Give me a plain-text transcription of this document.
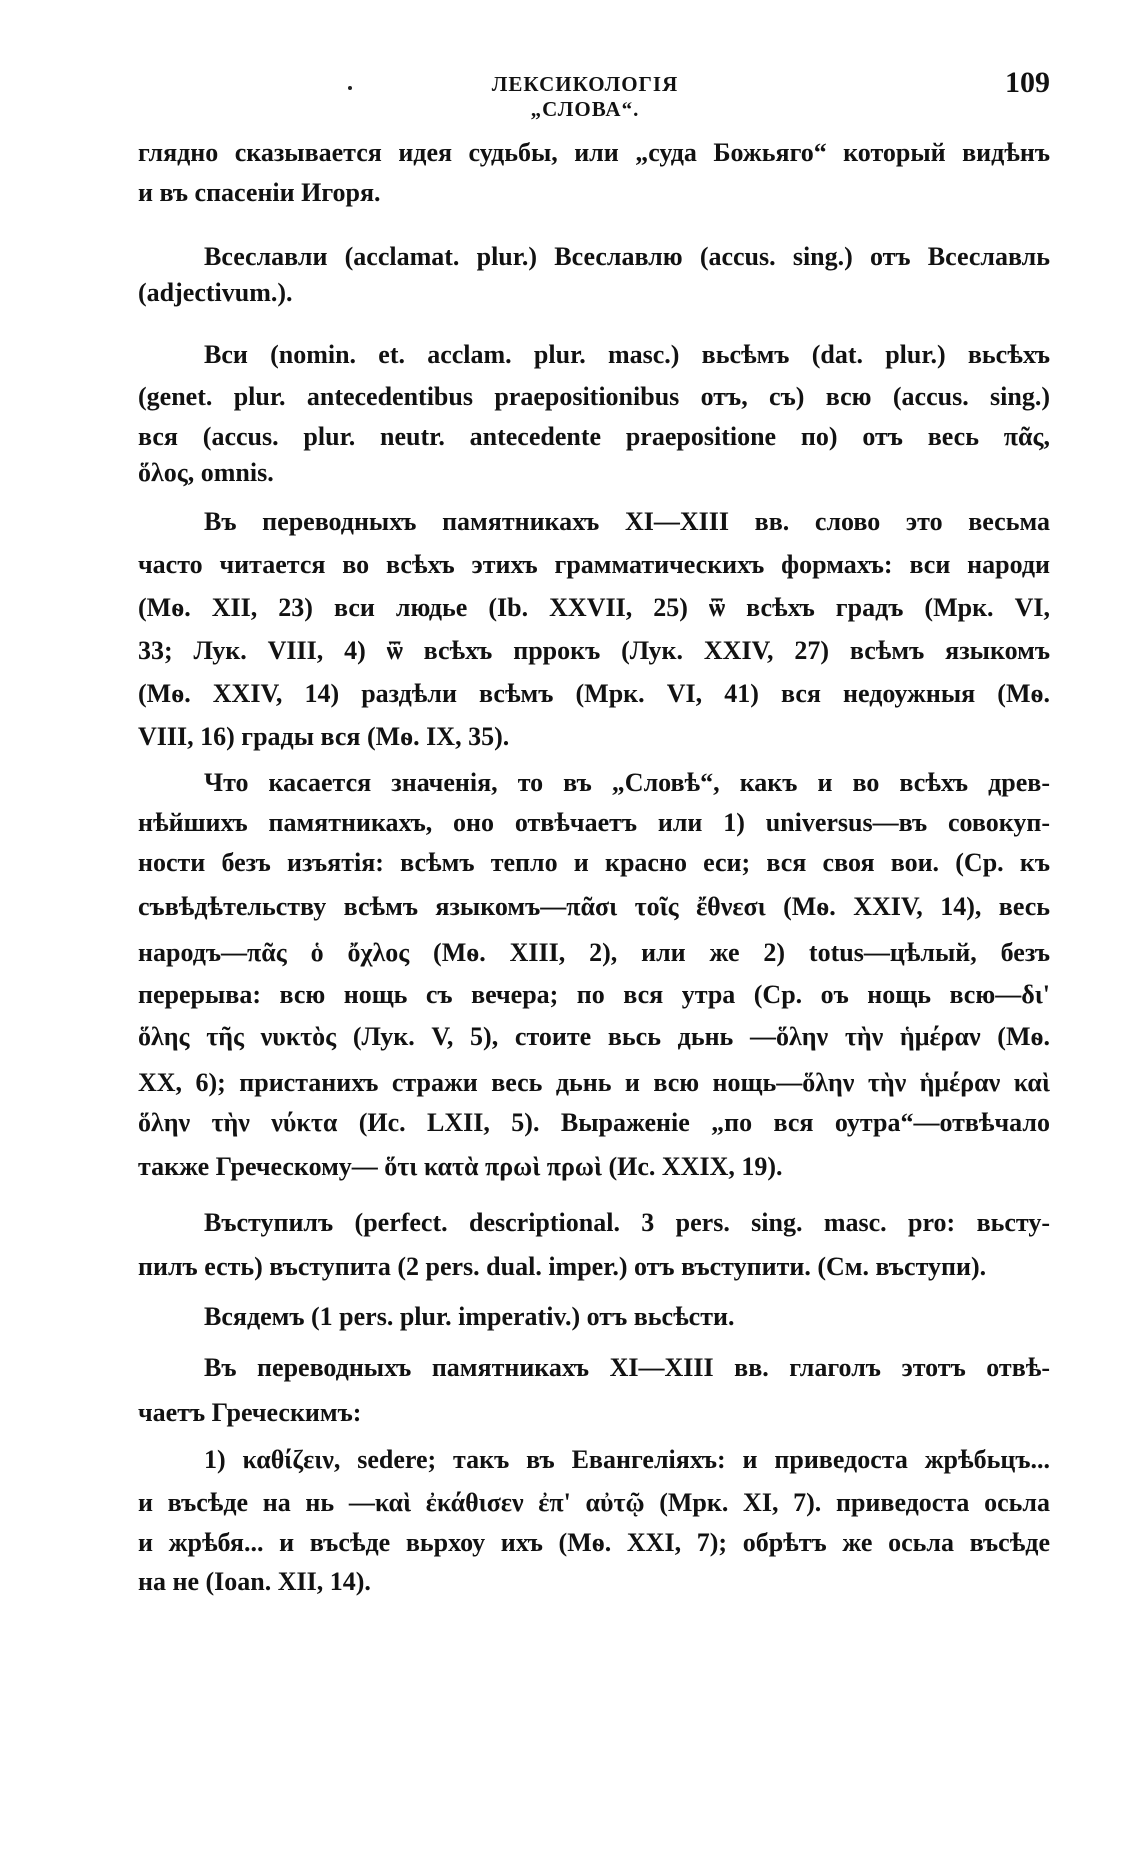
ЛЕКСИКОЛОГІЯ „СЛОВА“.
109
глядно сказывается идея судьбы, или „суда Божьяго“ который видѣнъ
и въ спасеніи Игоря.
Всеславли (acclamat. plur.) Всеславлю (accus. sing.) отъ Всеславль
(adjectivum.).
Вси (nomin. et. acclam. plur. masc.) вьсѣмъ (dat. plur.) вьсѣхъ
(genet. plur. antecedentibus praepositionibus отъ, съ) всю (accus. sing.)
вся (accus. plur. neutr. antecedente praepositione по) отъ весь πᾶς,
ὅλος, omnis.
Въ переводныхъ памятникахъ XI—XIII вв. слово это весьма
часто читается во всѣхъ этихъ грамматическихъ формахъ: вси народи
(Мѳ. XII, 23) вси людье (Ib. XXVII, 25) ѿ всѣхъ градъ (Мрк. VI,
33; Лук. VIII, 4) ѿ всѣхъ пррокъ (Лук. XXIV, 27) всѣмъ языкомъ
(Мѳ. XXIV, 14) раздѣли всѣмъ (Мрк. VI, 41) вся недоужныя (Мѳ.
VIII, 16) грады вся (Мѳ. IX, 35).
Что касается значенія, то въ „Словѣ“, какъ и во всѣхъ древ-
нѣйшихъ памятникахъ, оно отвѣчаетъ или 1) universus—въ совокуп-
ности безъ изъятія: всѣмъ тепло и красно еси; вся своя вои. (Ср. къ
съвѣдѣтельству всѣмъ языкомъ—πᾶσι τοῖς ἔθνεσι (Мѳ. XXIV, 14), весь
народъ—πᾶς ὁ ὄχλος (Мѳ. XIII, 2), или же 2) totus—цѣлый, безъ
перерыва: всю нощь съ вечера; по вся утра (Ср. оъ нощь всю—δι'
ὅλης τῆς νυκτὸς (Лук. V, 5), стоите вьсь дьнь —ὅλην τὴν ἡμέραν (Мѳ.
XX, 6); пристанихъ стражи весь дьнь и всю нощь—ὅλην τὴν ἡμέραν καὶ
ὅλην τὴν νύκτα (Ис. LXII, 5). Выраженіе „по вся оутра“—отвѣчало
также Греческому— ὅτι κατὰ πρωὶ πρωὶ (Ис. XXIX, 19).
Въступилъ (perfect. descriptional. 3 pers. sing. masc. pro: вьсту-
пилъ есть) въступита (2 pers. dual. imper.) отъ въступити. (См. въступи).
Всядемъ (1 pers. plur. imperativ.) отъ вьсѣсти.
Въ переводныхъ памятникахъ XI—XIII вв. глаголъ этотъ отвѣ-
чаетъ Греческимъ:
1) καθίζειν, sedere; такъ въ Евангеліяхъ: и приведоста жрѣбьцъ...
и въсѣде на нь —καὶ ἐκάθισεν ἐπ' αὐτῷ (Мрк. XI, 7). приведоста осьла
и жрѣбя... и въсѣде вьрхоу ихъ (Мѳ. XXI, 7); обрѣтъ же осьла въсѣде
на не (Ioan. XII, 14).
